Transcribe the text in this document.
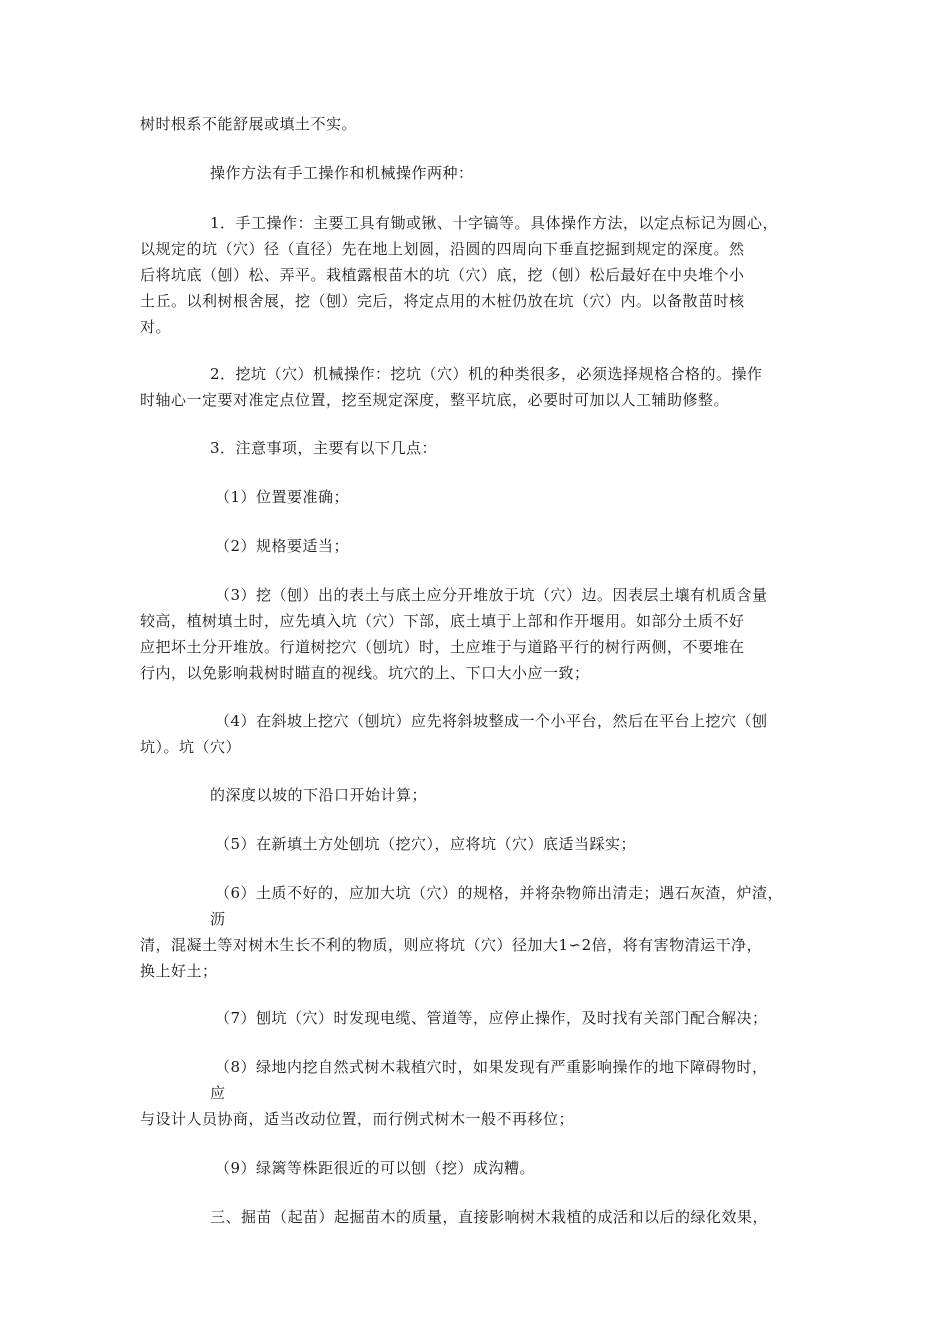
树时根系不能舒展或填土不实。
操作方法有手工操作和机械操作两种：
1．手工操作：主要工具有锄或锹、十字镐等。具体操作方法，以定点标记为圆心，
以规定的坑（穴）径（直径）先在地上划圆，沿圆的四周向下垂直挖掘到规定的深度。然
后将坑底（刨）松、弄平。栽植露根苗木的坑（穴）底，挖（刨）松后最好在中央堆个小
土丘。以利树根舍展，挖（刨）完后，将定点用的木桩仍放在坑（穴）内。以备散苗时核
对。
2．挖坑（穴）机械操作：挖坑（穴）机的种类很多，必须选择规格合格的。操作
时轴心一定要对准定点位置，挖至规定深度，整平坑底，必要时可加以人工辅助修整。
3．注意事项，主要有以下几点：
（1）位置要准确；
（2）规格要适当；
（3）挖（刨）出的表土与底土应分开堆放于坑（穴）边。因表层土壤有机质含量
较高，植树填土时，应先填入坑（穴）下部，底土填于上部和作开堰用。如部分土质不好
应把坏土分开堆放。行道树挖穴（刨坑）时，土应堆于与道路平行的树行两侧，不要堆在
行内，以免影响栽树时瞄直的视线。坑穴的上、下口大小应一致；
（4）在斜坡上挖穴（刨坑）应先将斜坡整成一个小平台，然后在平台上挖穴（刨
坑）。坑（穴）
的深度以坡的下沿口开始计算；
（5）在新填土方处刨坑（挖穴），应将坑（穴）底适当踩实；
（6）土质不好的，应加大坑（穴）的规格，并将杂物筛出清走；遇石灰渣，炉渣，
沥
清，混凝土等对树木生长不利的物质，则应将坑（穴）径加大1∽2倍，将有害物清运干净，
换上好土；
（7）刨坑（穴）时发现电缆、管道等，应停止操作，及时找有关部门配合解决；
（8）绿地内挖自然式树木栽植穴时，如果发现有严重影响操作的地下障碍物时，
应
与设计人员协商，适当改动位置，而行例式树木一般不再移位；
（9）绿篱等株距很近的可以刨（挖）成沟糟。
三、掘苗（起苗）起掘苗木的质量，直接影响树木栽植的成活和以后的绿化效果，
